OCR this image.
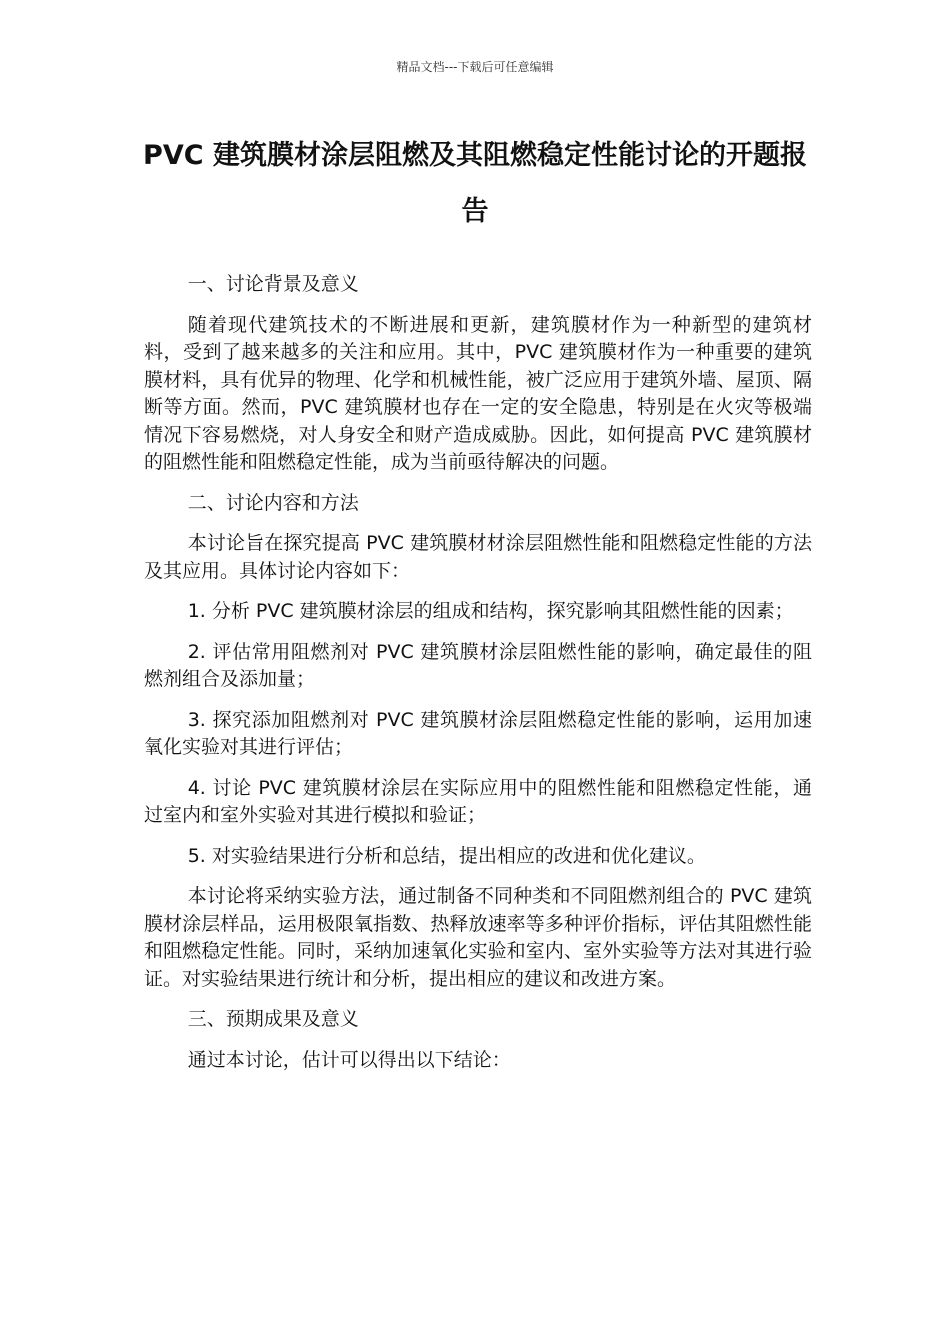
精品文档---下载后可任意编辑
PVC 建筑膜材涂层阻燃及其阻燃稳定性能讨论的开题报告

一、讨论背景及意义

随着现代建筑技术的不断进展和更新，建筑膜材作为一种新型的建筑材料，受到了越来越多的关注和应用。其中，PVC 建筑膜材作为一种重要的建筑膜材料，具有优异的物理、化学和机械性能，被广泛应用于建筑外墙、屋顶、隔断等方面。然而，PVC 建筑膜材也存在一定的安全隐患，特别是在火灾等极端情况下容易燃烧，对人身安全和财产造成威胁。因此，如何提高 PVC 建筑膜材的阻燃性能和阻燃稳定性能，成为当前亟待解决的问题。

二、讨论内容和方法

本讨论旨在探究提高 PVC 建筑膜材材涂层阻燃性能和阻燃稳定性能的方法及其应用。具体讨论内容如下：

1. 分析 PVC 建筑膜材涂层的组成和结构，探究影响其阻燃性能的因素；

2. 评估常用阻燃剂对 PVC 建筑膜材涂层阻燃性能的影响，确定最佳的阻燃剂组合及添加量；

3. 探究添加阻燃剂对 PVC 建筑膜材涂层阻燃稳定性能的影响，运用加速氧化实验对其进行评估；

4. 讨论 PVC 建筑膜材涂层在实际应用中的阻燃性能和阻燃稳定性能，通过室内和室外实验对其进行模拟和验证；

5. 对实验结果进行分析和总结，提出相应的改进和优化建议。

本讨论将采纳实验方法，通过制备不同种类和不同阻燃剂组合的 PVC 建筑膜材涂层样品，运用极限氧指数、热释放速率等多种评价指标，评估其阻燃性能和阻燃稳定性能。同时，采纳加速氧化实验和室内、室外实验等方法对其进行验证。对实验结果进行统计和分析，提出相应的建议和改进方案。

三、预期成果及意义

通过本讨论，估计可以得出以下结论：
